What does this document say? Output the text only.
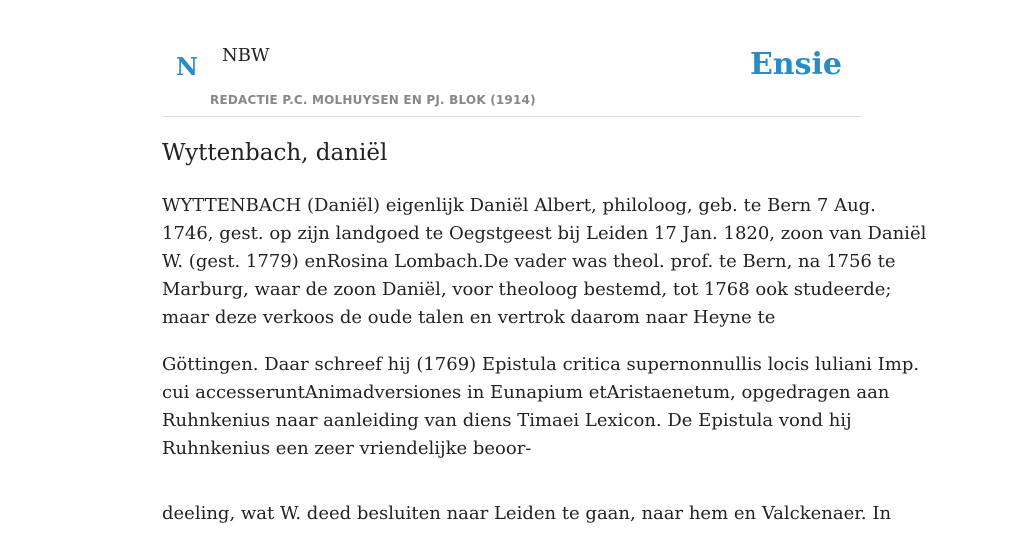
N NBW
REDACTIE P.C. MOLHUYSEN EN PJ. BLOK (1914)
Ensie
Wyttenbach, daniël

WYTTENBACH (Daniël) eigenlijk Daniël Albert, philoloog, geb. te Bern 7 Aug.
1746, gest. op zijn landgoed te Oegstgeest bij Leiden 17 Jan. 1820, zoon van Daniël
W. (gest. 1779) enRosina Lombach.De vader was theol. prof. te Bern, na 1756 te
Marburg, waar de zoon Daniël, voor theoloog bestemd, tot 1768 ook studeerde;
maar deze verkoos de oude talen en vertrok daarom naar Heyne te

Göttingen. Daar schreef hij (1769) Epistula critica supernonnullis locis luliani Imp.
cui accesseruntAnimadversiones in Eunapium etAristaenetum, opgedragen aan
Ruhnkenius naar aanleiding van diens Timaei Lexicon. De Epistula vond hij
Ruhnkenius een zeer vriendelijke beoor-

deeling, wat W. deed besluiten naar Leiden te gaan, naar hem en Valckenaer. In
